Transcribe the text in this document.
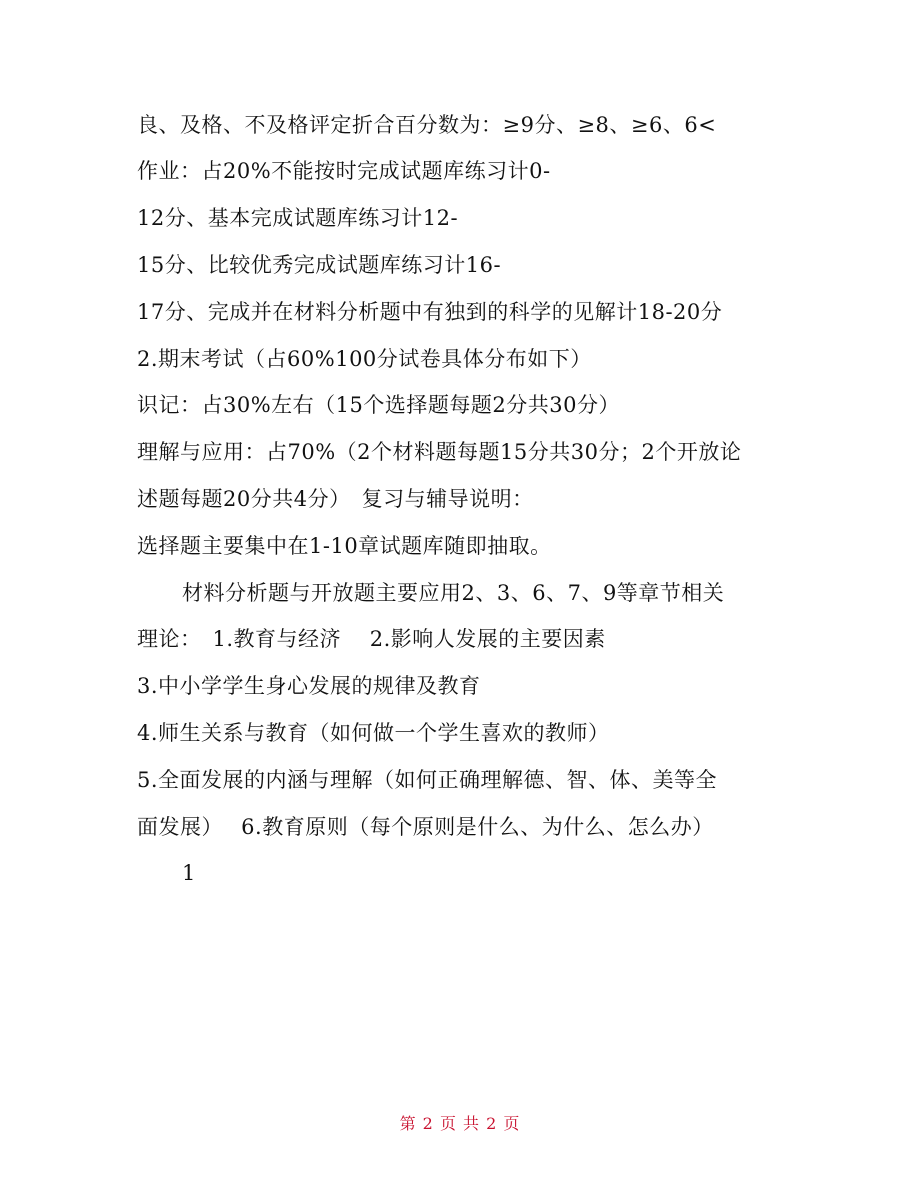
良、及格、不及格评定折合百分数为：≥9分、≥8、≥6、6<
作业：占20%不能按时完成试题库练习计0-
12分、基本完成试题库练习计12-
15分、比较优秀完成试题库练习计16-
17分、完成并在材料分析题中有独到的科学的见解计18-20分
2.期末考试（占60%100分试卷具体分布如下）
识记：占30%左右（15个选择题每题2分共30分）
理解与应用：占70%（2个材料题每题15分共30分；2个开放论
述题每题20分共4分）　复习与辅导说明：
选择题主要集中在1-10章试题库随即抽取。
材料分析题与开放题主要应用2、3、6、7、9等章节相关
理论：　1.教育与经济　 2.影响人发展的主要因素
3.中小学学生身心发展的规律及教育
4.师生关系与教育（如何做一个学生喜欢的教师）
5.全面发展的内涵与理解（如何正确理解德、智、体、美等全
面发展）　 6.教育原则（每个原则是什么、为什么、怎么办）
1
第 2 页 共 2 页
